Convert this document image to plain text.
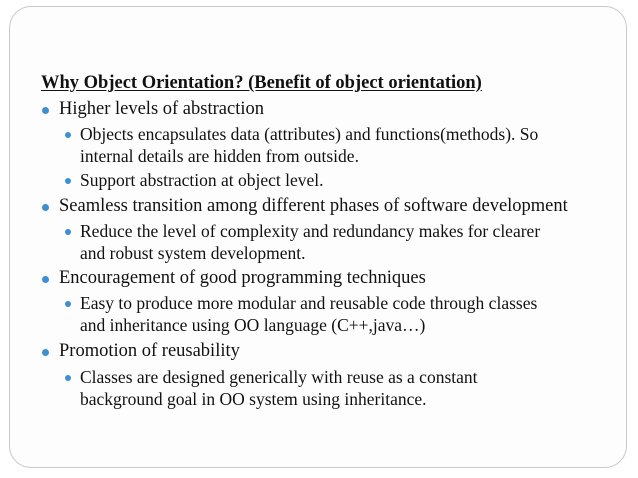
Why Object Orientation? (Benefit of object orientation)
Higher levels of abstraction
Objects encapsulates data (attributes) and functions(methods). So
internal details are hidden from outside.
Support abstraction at object level.
Seamless transition among different phases of software development
Reduce the level of complexity and redundancy makes for clearer
and robust system development.
Encouragement of good programming techniques
Easy to produce more modular and reusable code through classes
and inheritance using OO language (C++,java…)
Promotion of reusability
Classes are designed generically with reuse as a constant
background goal in OO system using inheritance.
